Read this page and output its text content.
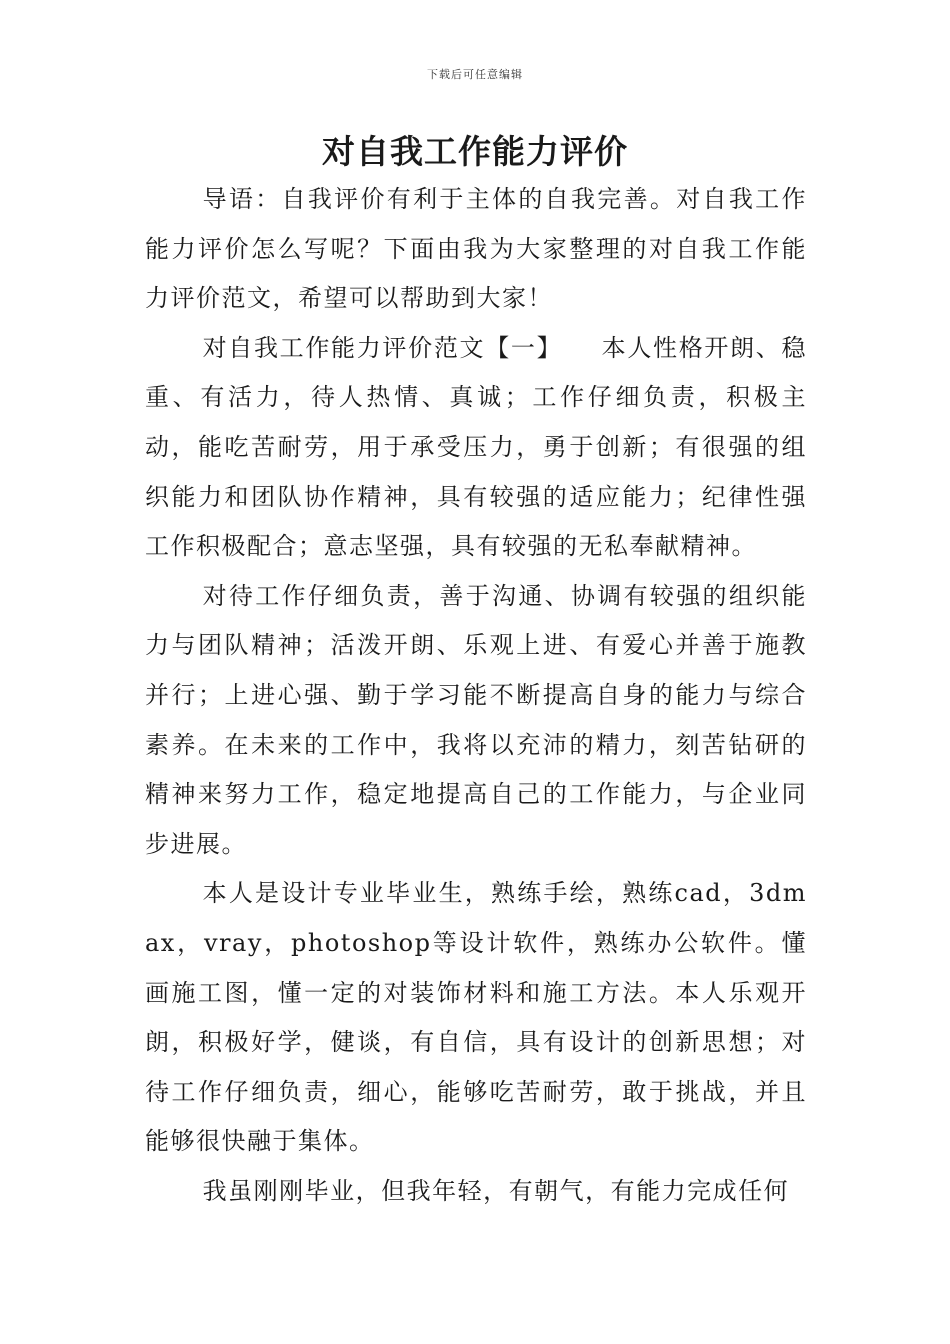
下载后可任意编辑
对自我工作能力评价

导语：自我评价有利于主体的自我完善。对自我工作能力评价怎么写呢？下面由我为大家整理的对自我工作能力评价范文，希望可以帮助到大家！

对自我工作能力评价范文【一】　　本人性格开朗、稳重、有活力，待人热情、真诚；工作仔细负责，积极主动，能吃苦耐劳，用于承受压力，勇于创新；有很强的组织能力和团队协作精神，具有较强的适应能力；纪律性强工作积极配合；意志坚强，具有较强的无私奉献精神。

对待工作仔细负责，善于沟通、协调有较强的组织能力与团队精神；活泼开朗、乐观上进、有爱心并善于施教并行；上进心强、勤于学习能不断提高自身的能力与综合素养。在未来的工作中，我将以充沛的精力，刻苦钻研的精神来努力工作，稳定地提高自己的工作能力，与企业同步进展。

本人是设计专业毕业生，熟练手绘，熟练cad，3dmax，vray，photoshop等设计软件，熟练办公软件。懂画施工图，懂一定的对装饰材料和施工方法。本人乐观开朗，积极好学，健谈，有自信，具有设计的创新思想；对待工作仔细负责，细心，能够吃苦耐劳，敢于挑战，并且能够很快融于集体。

我虽刚刚毕业，但我年轻，有朝气，有能力完成任何
